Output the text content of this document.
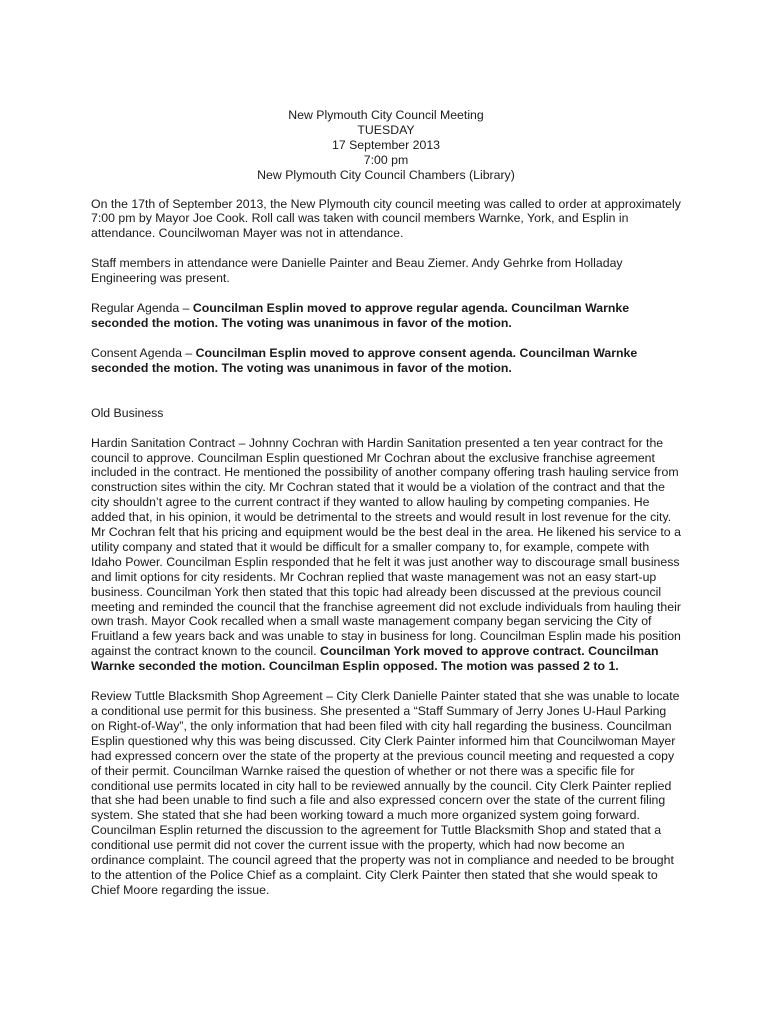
New Plymouth City Council Meeting
TUESDAY
17 September 2013
7:00 pm
New Plymouth City Council Chambers (Library)

On the 17th of September 2013, the New Plymouth city council meeting was called to order at approximately 7:00 pm by Mayor Joe Cook. Roll call was taken with council members Warnke, York, and Esplin in attendance. Councilwoman Mayer was not in attendance.

Staff members in attendance were Danielle Painter and Beau Ziemer. Andy Gehrke from Holladay Engineering was present.

Regular Agenda – Councilman Esplin moved to approve regular agenda. Councilman Warnke seconded the motion. The voting was unanimous in favor of the motion.

Consent Agenda – Councilman Esplin moved to approve consent agenda. Councilman Warnke seconded the motion. The voting was unanimous in favor of the motion.

Old Business

Hardin Sanitation Contract – Johnny Cochran with Hardin Sanitation presented a ten year contract for the council to approve. Councilman Esplin questioned Mr Cochran about the exclusive franchise agreement included in the contract. He mentioned the possibility of another company offering trash hauling service from construction sites within the city. Mr Cochran stated that it would be a violation of the contract and that the city shouldn’t agree to the current contract if they wanted to allow hauling by competing companies. He added that, in his opinion, it would be detrimental to the streets and would result in lost revenue for the city. Mr Cochran felt that his pricing and equipment would be the best deal in the area. He likened his service to a utility company and stated that it would be difficult for a smaller company to, for example, compete with Idaho Power. Councilman Esplin responded that he felt it was just another way to discourage small business and limit options for city residents. Mr Cochran replied that waste management was not an easy start-up business. Councilman York then stated that this topic had already been discussed at the previous council meeting and reminded the council that the franchise agreement did not exclude individuals from hauling their own trash. Mayor Cook recalled when a small waste management company began servicing the City of Fruitland a few years back and was unable to stay in business for long. Councilman Esplin made his position against the contract known to the council. Councilman York moved to approve contract. Councilman Warnke seconded the motion. Councilman Esplin opposed. The motion was passed 2 to 1.

Review Tuttle Blacksmith Shop Agreement – City Clerk Danielle Painter stated that she was unable to locate a conditional use permit for this business. She presented a “Staff Summary of Jerry Jones U-Haul Parking on Right-of-Way”, the only information that had been filed with city hall regarding the business. Councilman Esplin questioned why this was being discussed. City Clerk Painter informed him that Councilwoman Mayer had expressed concern over the state of the property at the previous council meeting and requested a copy of their permit. Councilman Warnke raised the question of whether or not there was a specific file for conditional use permits located in city hall to be reviewed annually by the council. City Clerk Painter replied that she had been unable to find such a file and also expressed concern over the state of the current filing system. She stated that she had been working toward a much more organized system going forward. Councilman Esplin returned the discussion to the agreement for Tuttle Blacksmith Shop and stated that a conditional use permit did not cover the current issue with the property, which had now become an ordinance complaint. The council agreed that the property was not in compliance and needed to be brought to the attention of the Police Chief as a complaint. City Clerk Painter then stated that she would speak to Chief Moore regarding the issue.
